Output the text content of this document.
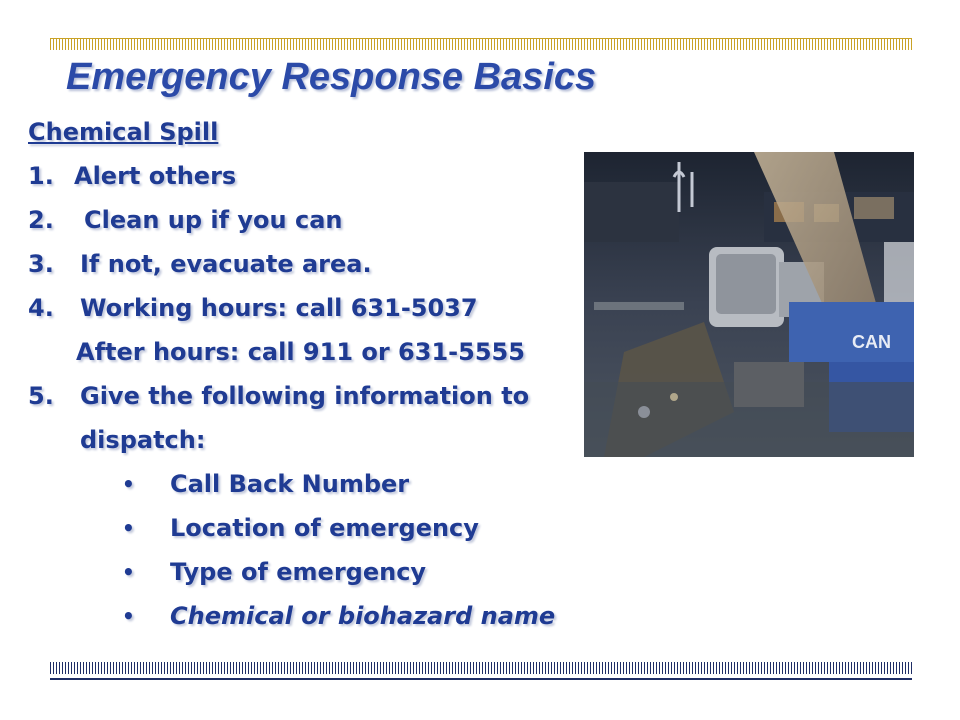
Emergency Response Basics
Chemical Spill
1. Alert others
2. Clean up if you can
3. If not, evacuate area.
4. Working hours: call 631-5037
After hours: call 911 or 631-5555
5. Give the following information to
dispatch:
• Call Back Number
• Location of emergency
• Type of emergency
• Chemical or biohazard name
CAN
